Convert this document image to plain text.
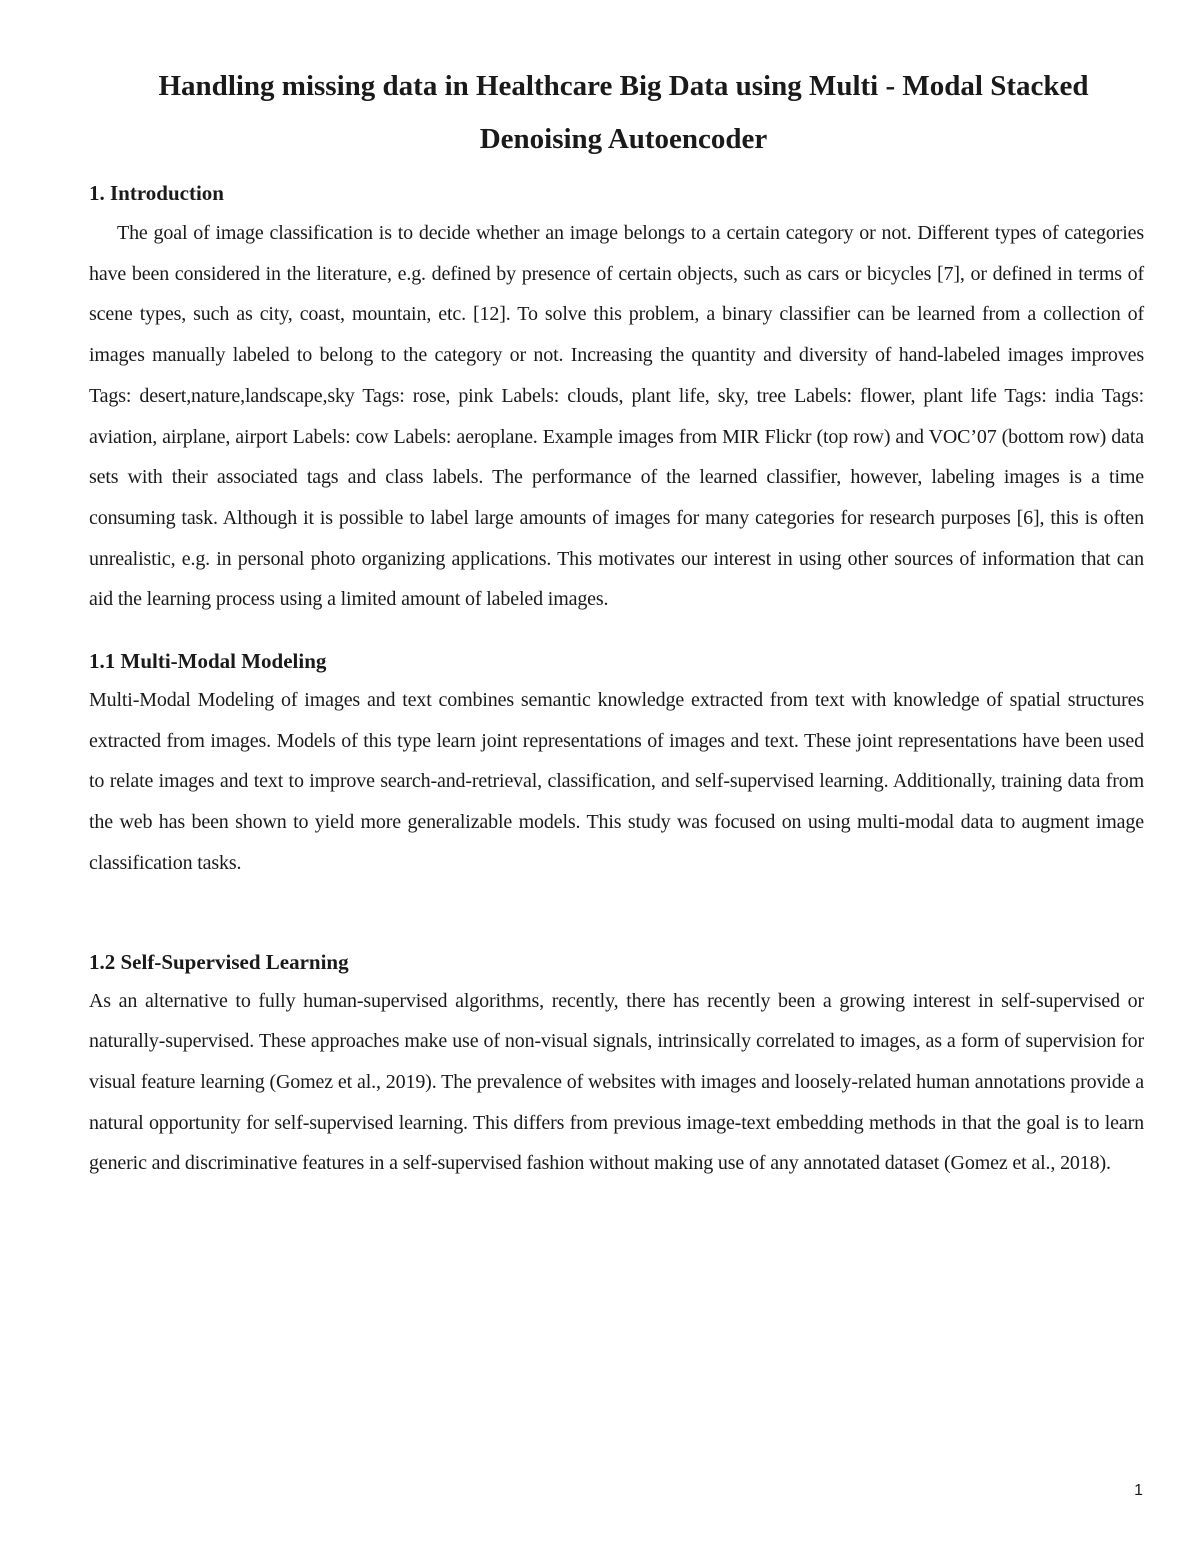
Handling missing data in Healthcare Big Data using Multi - Modal Stacked
Denoising Autoencoder
1. Introduction

The goal of image classification is to decide whether an image belongs to a certain category or not. Different types of categories have been considered in the literature, e.g. defined by presence of certain objects, such as cars or bicycles [7], or defined in terms of scene types, such as city, coast, mountain, etc. [12]. To solve this problem, a binary classifier can be learned from a collection of images manually labeled to belong to the category or not. Increasing the quantity and diversity of hand-labeled images improves Tags: desert,nature,landscape,sky Tags: rose, pink Labels: clouds, plant life, sky, tree Labels: flower, plant life Tags: india Tags: aviation, airplane, airport Labels: cow Labels: aeroplane. Example images from MIR Flickr (top row) and VOC’07 (bottom row) data sets with their associated tags and class labels. The performance of the learned classifier, however, labeling images is a time consuming task. Although it is possible to label large amounts of images for many categories for research purposes [6], this is often unrealistic, e.g. in personal photo organizing applications. This motivates our interest in using other sources of information that can aid the learning process using a limited amount of labeled images.

1.1 Multi-Modal Modeling

Multi-Modal Modeling of images and text combines semantic knowledge extracted from text with knowledge of spatial structures extracted from images. Models of this type learn joint representations of images and text. These joint representations have been used to relate images and text to improve search-and-retrieval, classification, and self-supervised learning. Additionally, training data from the web has been shown to yield more generalizable models. This study was focused on using multi-modal data to augment image classification tasks.

1.2 Self-Supervised Learning

As an alternative to fully human-supervised algorithms, recently, there has recently been a growing interest in self-supervised or naturally-supervised. These approaches make use of non-visual signals, intrinsically correlated to images, as a form of supervision for visual feature learning (Gomez et al., 2019). The prevalence of websites with images and loosely-related human annotations provide a natural opportunity for self-supervised learning. This differs from previous image-text embedding methods in that the goal is to learn generic and discriminative features in a self-supervised fashion without making use of any annotated dataset (Gomez et al., 2018).

1
